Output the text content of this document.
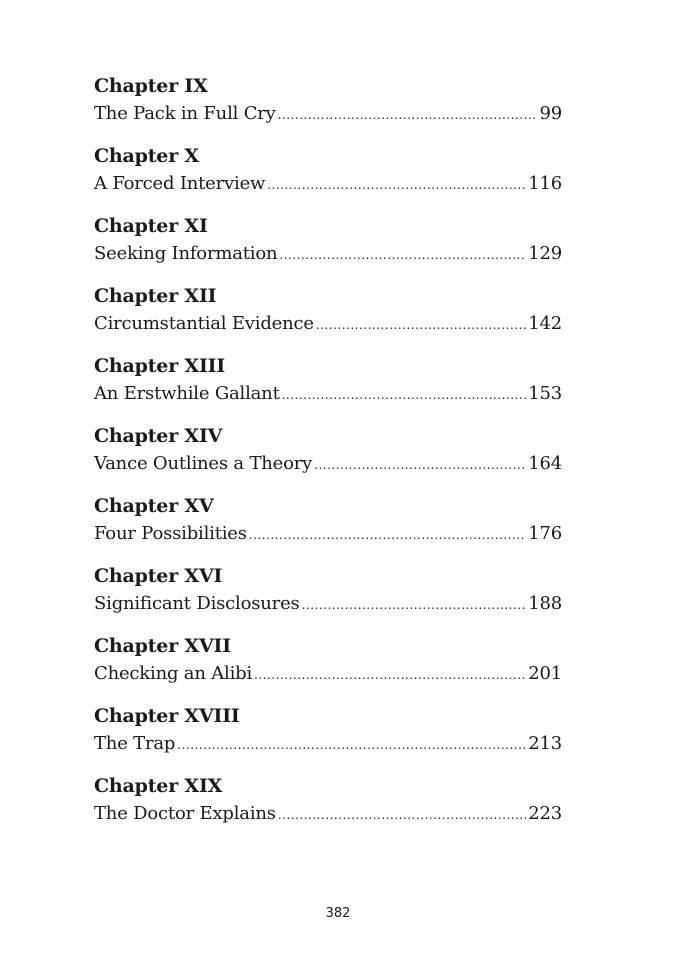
Chapter IX
The Pack in Full Cry .....	99
Chapter X
A Forced Interview .....	116
Chapter XI
Seeking Information .....	129
Chapter XII
Circumstantial Evidence .....	142
Chapter XIII
An Erstwhile Gallant .....	153
Chapter XIV
Vance Outlines a Theory .....	164
Chapter XV
Four Possibilities .....	176
Chapter XVI
Significant Disclosures .....	188
Chapter XVII
Checking an Alibi .....	201
Chapter XVIII
The Trap .....	213
Chapter XIX
The Doctor Explains .....	223
382
